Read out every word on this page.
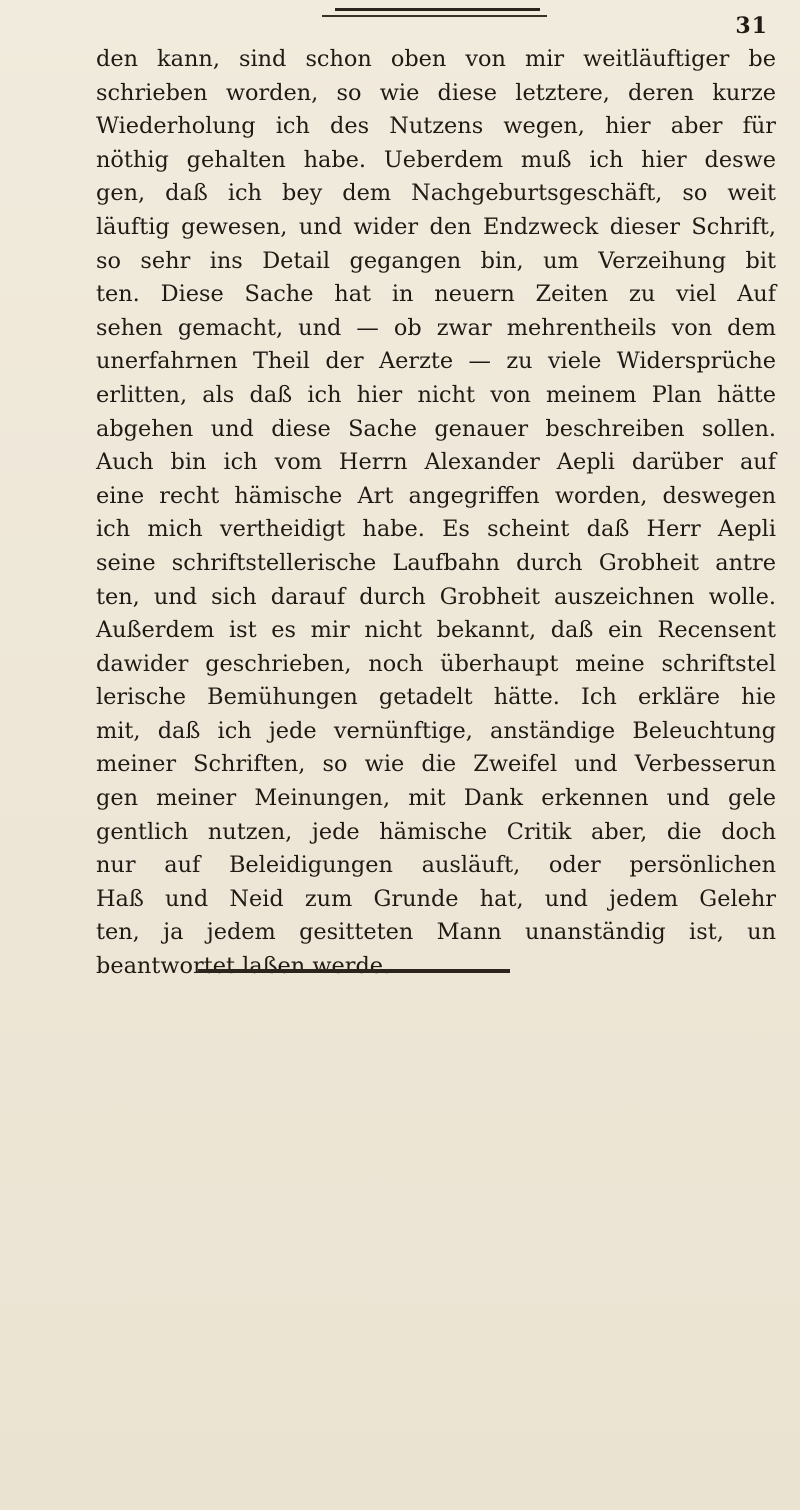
31

den kann, sind schon oben von mir weitläuftiger be
schrieben worden, so wie diese letztere, deren kurze
Wiederholung ich des Nutzens wegen, hier aber für
nöthig gehalten habe. Ueberdem muß ich hier deswe
gen, daß ich bey dem Nachgeburtsgeschäft, so weit
läuftig gewesen, und wider den Endzweck dieser Schrift,
so sehr ins Detail gegangen bin, um Verzeihung bit
ten. Diese Sache hat in neuern Zeiten zu viel Auf
sehen gemacht, und — ob zwar mehrentheils von dem
unerfahrnen Theil der Aerzte — zu viele Widersprüche
erlitten, als daß ich hier nicht von meinem Plan hätte
abgehen und diese Sache genauer beschreiben sollen.
Auch bin ich vom Herrn Alexander Aepli darüber auf
eine recht hämische Art angegriffen worden, deswegen
ich mich vertheidigt habe. Es scheint daß Herr Aepli
seine schriftstellerische Laufbahn durch Grobheit antre
ten, und sich darauf durch Grobheit auszeichnen wolle.
Außerdem ist es mir nicht bekannt, daß ein Recensent
dawider geschrieben, noch überhaupt meine schriftstel
lerische Bemühungen getadelt hätte. Ich erkläre hie
mit, daß ich jede vernünftige, anständige Beleuchtung
meiner Schriften, so wie die Zweifel und Verbesserun
gen meiner Meinungen, mit Dank erkennen und gele
gentlich nutzen, jede hämische Critik aber, die doch
nur auf Beleidigungen ausläuft, oder persönlichen
Haß und Neid zum Grunde hat, und jedem Gelehr
ten, ja jedem gesitteten Mann unanständig ist, un
beantwortet laßen werde.
